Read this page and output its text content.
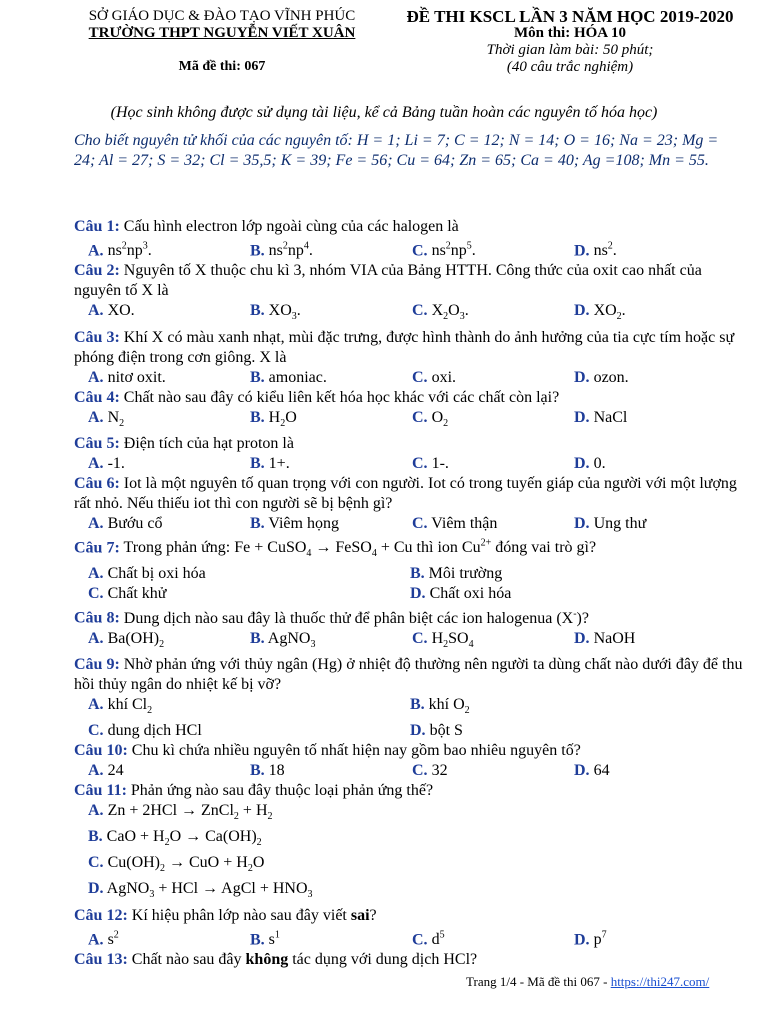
SỞ GIÁO DỤC & ĐÀO TẠO VĨNH PHÚC
TRƯỜNG THPT NGUYỄN VIẾT XUÂN
Mã đề thi: 067
ĐỀ THI KSCL LẦN 3 NĂM HỌC 2019-2020
Môn thi: HÓA 10
Thời gian làm bài: 50 phút;
(40 câu trắc nghiệm)
(Học sinh không được sử dụng tài liệu, kể cả Bảng tuần hoàn các nguyên tố hóa học)
Cho biết nguyên tử khối của các nguyên tố: H = 1; Li = 7; C = 12; N = 14; O = 16; Na = 23; Mg = 24; Al = 27; S = 32; Cl = 35,5; K = 39; Fe = 56; Cu = 64; Zn = 65; Ca = 40; Ag =108; Mn = 55.
Câu 1: Cấu hình electron lớp ngoài cùng của các halogen là
A. $ns^2np^3$.	B. $ns^2np^4$.	C. $ns^2np^5$.	D. $ns^2$.
Câu 2: Nguyên tố X thuộc chu kì 3, nhóm VIA của Bảng HTTH. Công thức của oxit cao nhất của nguyên tố X là
A. XO.	B. $XO_3$.	C. $X_2O_3$.	D. $XO_2$.
Câu 3: Khí X có màu xanh nhạt, mùi đặc trưng, được hình thành do ảnh hưởng của tia cực tím hoặc sự phóng điện trong cơn giông. X là
A. nitơ oxit.	B. amoniac.	C. oxi.	D. ozon.
Câu 4: Chất nào sau đây có kiểu liên kết hóa học khác với các chất còn lại?
A. $N_2$	B. $H_2O$	C. $O_2$	D. NaCl
Câu 5: Điện tích của hạt proton là
A. -1.	B. 1+.	C. 1-.	D. 0.
Câu 6: Iot là một nguyên tố quan trọng với con người. Iot có trong tuyến giáp của người với một lượng rất nhỏ. Nếu thiếu iot thì con người sẽ bị bệnh gì?
A. Bướu cổ	B. Viêm họng	C. Viêm thận	D. Ung thư
Câu 7: Trong phản ứng: Fe + CuSO$_4$ → FeSO$_4$ + Cu thì ion $Cu^{2+}$ đóng vai trò gì?
A. Chất bị oxi hóa	B. Môi trường
C. Chất khử	D. Chất oxi hóa
Câu 8: Dung dịch nào sau đây là thuốc thử để phân biệt các ion halogenua (X-)?
A. $Ba(OH)_2$	B. AgNO$_3$	C. $H_2SO_4$	D. NaOH
Câu 9: Nhờ phản ứng với thủy ngân (Hg) ở nhiệt độ thường nên người ta dùng chất nào dưới đây để thu hồi thủy ngân do nhiệt kế bị vỡ?
A. khí $Cl_2$	B. khí $O_2$
C. dung dịch HCl	D. bột S
Câu 10: Chu kì chứa nhiều nguyên tố nhất hiện nay gồm bao nhiêu nguyên tố?
A. 24	B. 18	C. 32	D. 64
Câu 11: Phản ứng nào sau đây thuộc loại phản ứng thế?
A. Zn + 2HCl → ZnCl$_2$ + $H_2$
B. CaO + $H_2O \to Ca(OH)_2$
C. $Cu(OH)_2$ → CuO + $H_2O$
D. AgNO$_3$ + HCl → AgCl + $HNO_3$
Câu 12: Kí hiệu phân lớp nào sau đây viết sai?
A. $s^2$	B. $s^1$	C. $d^5$	D. $p^7$
Câu 13: Chất nào sau đây không tác dụng với dung dịch HCl?
Trang 1/4 - Mã đề thi 067 - https://thi247.com/
